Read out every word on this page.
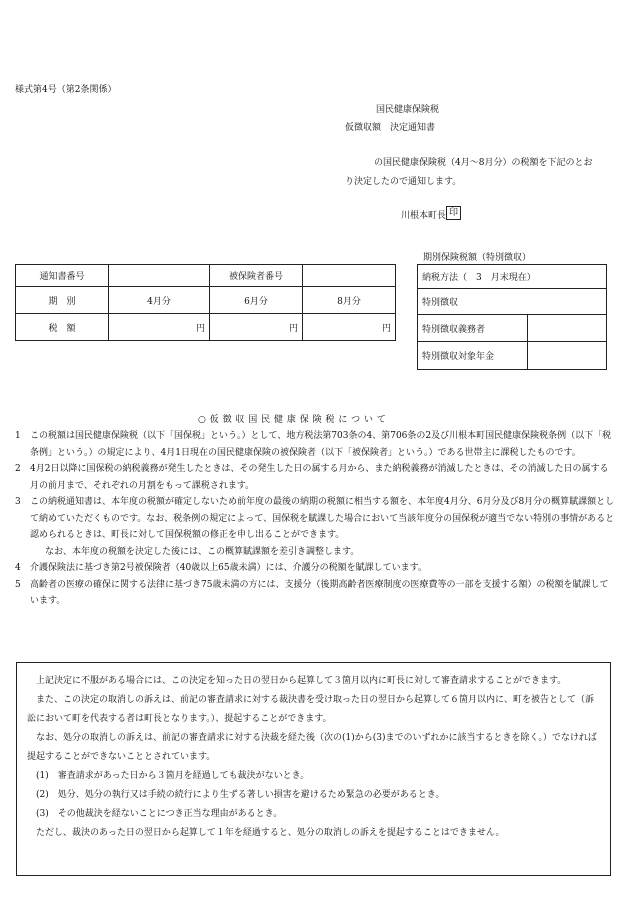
様式第4号（第2条関係）
国民健康保険税
仮徴収額　決定通知書
の国民健康保険税（4月〜8月分）の税額を下記のとお
り決定したので通知します。
川根本町長 印
通知書番号		被保険者番号	
期　別	4月分	6月分	8月分
税　額	円	円	円
期別保険税額（特別徴収）
納税方法（　3　月末現在）	
特別徴収	
特別徴収義務者	
特別徴収対象年金	
○ 仮 徴 収 国 民 健 康 保 険 税 に つ い て
1 この税額は国民健康保険税（以下「国保税」という。）として、地方税法第703条の4、第706条の2及び川根本町国民健康保険税条例（以下「税条例」という。）の規定により、4月1日現在の国民健康保険の被保険者（以下「被保険者」という。）である世帯主に課税したものです。
2 4月2日以降に国保税の納税義務が発生したときは、その発生した日の属する月から、また納税義務が消滅したときは、その消滅した日の属する月の前月まで、それぞれの月割をもって課税されます。
3 この納税通知書は、本年度の税額が確定しないため前年度の最後の納期の税額に相当する額を、本年度4月分、6月分及び8月分の概算賦課額として納めていただくものです。なお、税条例の規定によって、国保税を賦課した場合において当該年度分の国保税が適当でない特別の事情があると認められるときは、町長に対して国保税額の修正を申し出ることができます。
なお、本年度の税額を決定した後には、この概算賦課額を差引き調整します。
4 介護保険法に基づき第2号被保険者（40歳以上65歳未満）には、介護分の税額を賦課しています。
5 高齢者の医療の確保に関する法律に基づき75歳未満の方には、支援分（後期高齢者医療制度の医療費等の一部を支援する額）の税額を賦課しています。

上記決定に不服がある場合には、この決定を知った日の翌日から起算して３箇月以内に町長に対して審査請求することができます。

また、この決定の取消しの訴えは、前記の審査請求に対する裁決書を受け取った日の翌日から起算して６箇月以内に、町を被告として（訴訟において町を代表する者は町長となります。）、提起することができます。

なお、処分の取消しの訴えは、前記の審査請求に対する決裁を経た後（次の(1)から(3)までのいずれかに該当するときを除く。）でなければ提起することができないこととされています。

(1)　審査請求があった日から３箇月を経過しても裁決がないとき。

(2)　処分、処分の執行又は手続の続行により生ずる著しい損害を避けるため緊急の必要があるとき。

(3)　その他裁決を経ないことにつき正当な理由があるとき。

ただし、裁決のあった日の翌日から起算して１年を経過すると、処分の取消しの訴えを提起することはできません。
